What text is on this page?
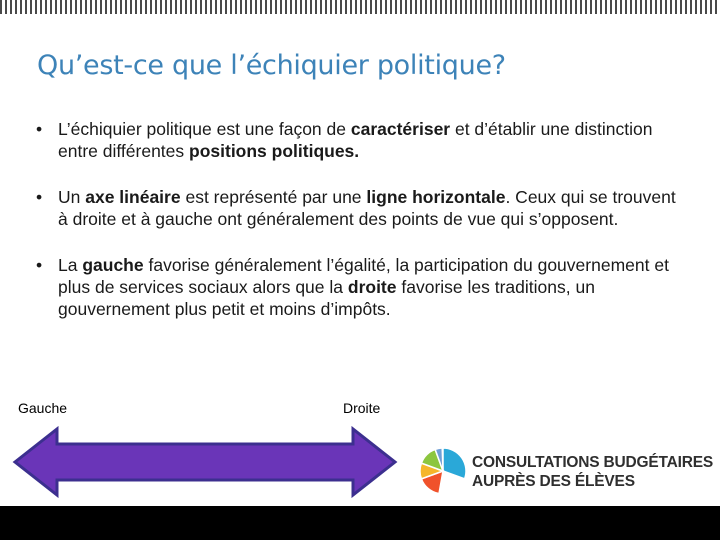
Qu’est-ce que l’échiquier politique?
• L’échiquier politique est une façon de caractériser et d’établir une distinction entre différentes positions politiques.
• Un axe linéaire est représenté par une ligne horizontale. Ceux qui se trouvent à droite et à gauche ont généralement des points de vue qui s’opposent.
• La gauche favorise généralement l’égalité, la participation du gouvernement et plus de services sociaux alors que la droite favorise les traditions, un gouvernement plus petit et moins d’impôts.
Gauche	Droite
CONSULTATIONS BUDGÉTAIRES
AUPRÈS DES ÉLÈVES
